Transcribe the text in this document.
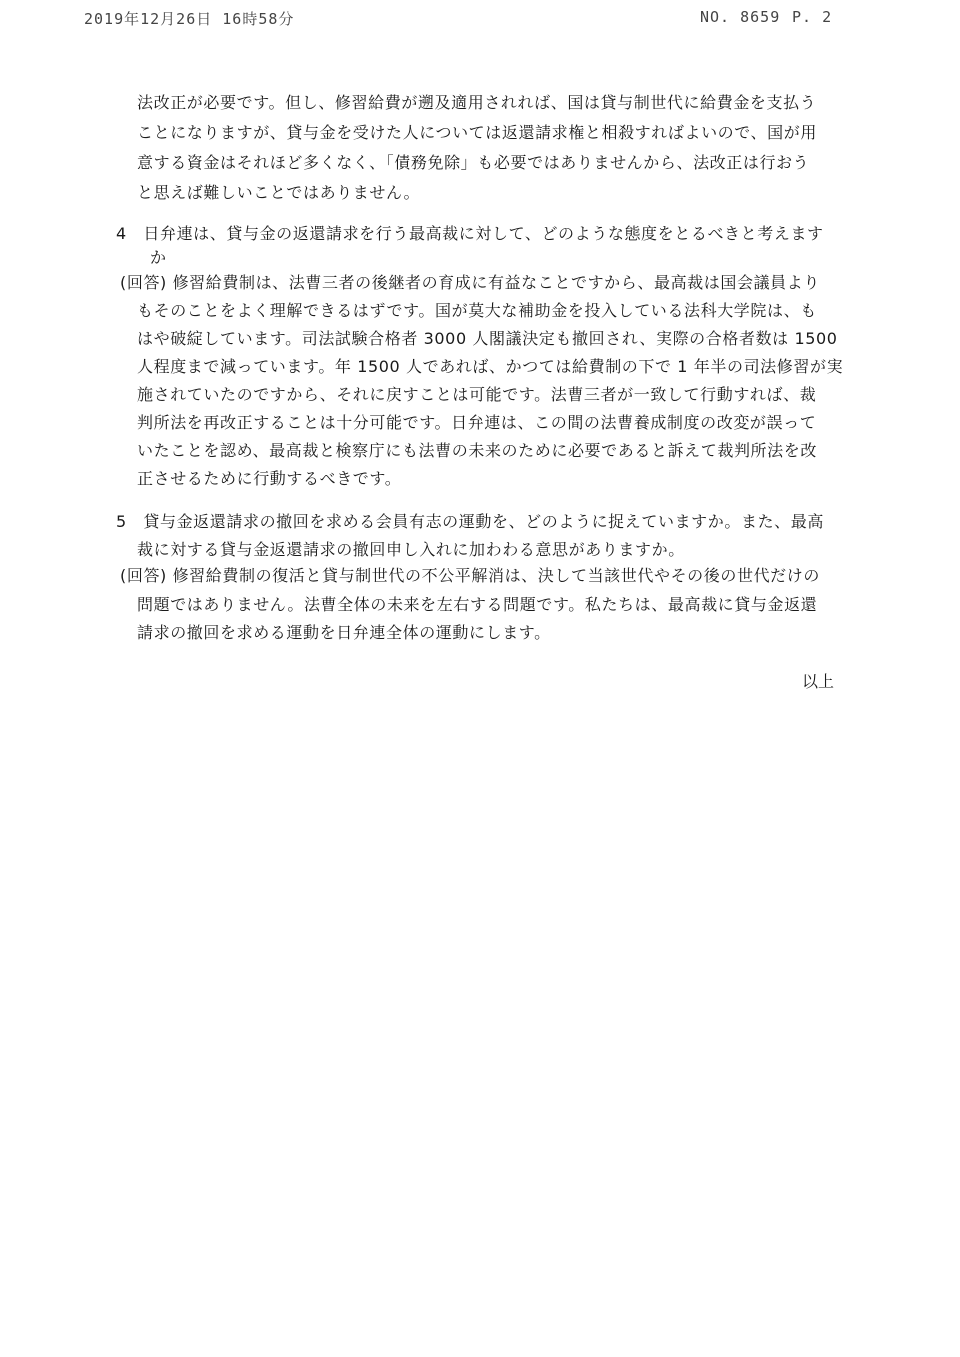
2019年12月26日 16時58分	NO. 8659 P. 2
法改正が必要です。但し、修習給費が遡及適用されれば、国は貸与制世代に給費金を支払う
ことになりますが、貸与金を受けた人については返還請求権と相殺すればよいので、国が用
意する資金はそれほど多くなく、「債務免除」も必要ではありませんから、法改正は行おう
と思えば難しいことではありません。
4　日弁連は、貸与金の返還請求を行う最高裁に対して、どのような態度をとるべきと考えます
か
(回答) 修習給費制は、法曹三者の後継者の育成に有益なことですから、最高裁は国会議員より
もそのことをよく理解できるはずです。国が莫大な補助金を投入している法科大学院は、も
はや破綻しています。司法試験合格者 3000 人閣議決定も撤回され、実際の合格者数は 1500
人程度まで減っています。年 1500 人であれば、かつては給費制の下で 1 年半の司法修習が実
施されていたのですから、それに戻すことは可能です。法曹三者が一致して行動すれば、裁
判所法を再改正することは十分可能です。日弁連は、この間の法曹養成制度の改変が誤って
いたことを認め、最高裁と検察庁にも法曹の未来のために必要であると訴えて裁判所法を改
正させるために行動するべきです。
5　貸与金返還請求の撤回を求める会員有志の運動を、どのように捉えていますか。また、最高
裁に対する貸与金返還請求の撤回申し入れに加わわる意思がありますか。
(回答) 修習給費制の復活と貸与制世代の不公平解消は、決して当該世代やその後の世代だけの
問題ではありません。法曹全体の未来を左右する問題です。私たちは、最高裁に貸与金返還
請求の撤回を求める運動を日弁連全体の運動にします。
以上
